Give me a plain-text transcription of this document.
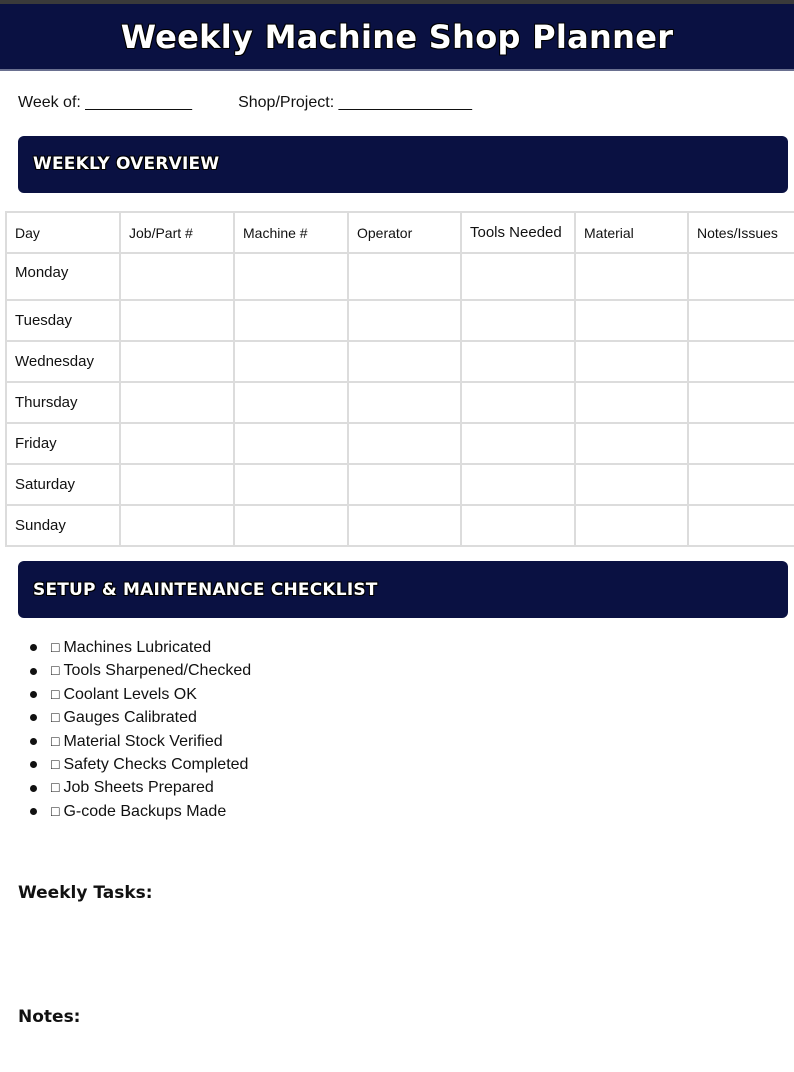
Weekly Machine Shop Planner
Week of: ____________	Shop/Project: _______________
WEEKLY OVERVIEW
Day	Job/Part #	Machine #	Operator	Tools Needed	Material	Notes/Issues
Monday						
Tuesday						
Wednesday						
Thursday						
Friday						
Saturday						
Sunday						
SETUP & MAINTENANCE CHECKLIST
□ Machines Lubricated
□ Tools Sharpened/Checked
□ Coolant Levels OK
□ Gauges Calibrated
□ Material Stock Verified
□ Safety Checks Completed
□ Job Sheets Prepared
□ G-code Backups Made
Weekly Tasks:
Notes:
